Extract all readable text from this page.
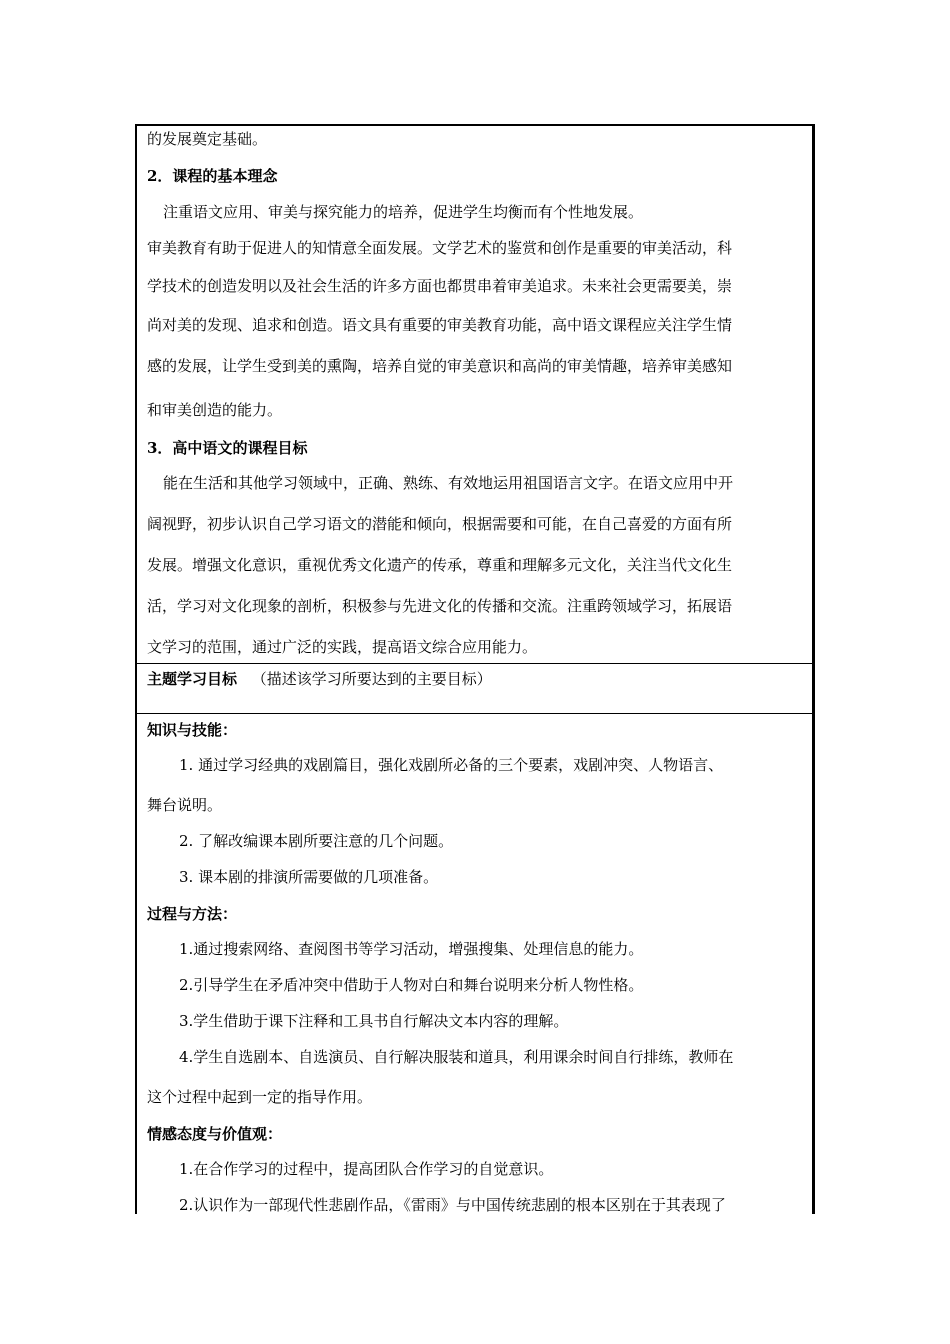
的发展奠定基础。
2．课程的基本理念
注重语文应用、审美与探究能力的培养，促进学生均衡而有个性地发展。
审美教育有助于促进人的知情意全面发展。文学艺术的鉴赏和创作是重要的审美活动，科
学技术的创造发明以及社会生活的许多方面也都贯串着审美追求。未来社会更需要美，崇
尚对美的发现、追求和创造。语文具有重要的审美教育功能，高中语文课程应关注学生情
感的发展，让学生受到美的熏陶，培养自觉的审美意识和高尚的审美情趣，培养审美感知
和审美创造的能力。
3．高中语文的课程目标
能在生活和其他学习领域中，正确、熟练、有效地运用祖国语言文字。在语文应用中开
阔视野，初步认识自己学习语文的潜能和倾向，根据需要和可能，在自己喜爱的方面有所
发展。增强文化意识，重视优秀文化遗产的传承，尊重和理解多元文化，关注当代文化生
活，学习对文化现象的剖析，积极参与先进文化的传播和交流。注重跨领域学习，拓展语
文学习的范围，通过广泛的实践，提高语文综合应用能力。
主题学习目标 （描述该学习所要达到的主要目标）
知识与技能：
1. 通过学习经典的戏剧篇目，强化戏剧所必备的三个要素，戏剧冲突、人物语言、
舞台说明。
2. 了解改编课本剧所要注意的几个问题。
3. 课本剧的排演所需要做的几项准备。
过程与方法：
1.通过搜索网络、查阅图书等学习活动，增强搜集、处理信息的能力。
2.引导学生在矛盾冲突中借助于人物对白和舞台说明来分析人物性格。
3.学生借助于课下注释和工具书自行解决文本内容的理解。
4.学生自选剧本、自选演员、自行解决服装和道具，利用课余时间自行排练，教师在
这个过程中起到一定的指导作用。
情感态度与价值观：
1.在合作学习的过程中，提高团队合作学习的自觉意识。
2.认识作为一部现代性悲剧作品，《雷雨》与中国传统悲剧的根本区别在于其表现了
